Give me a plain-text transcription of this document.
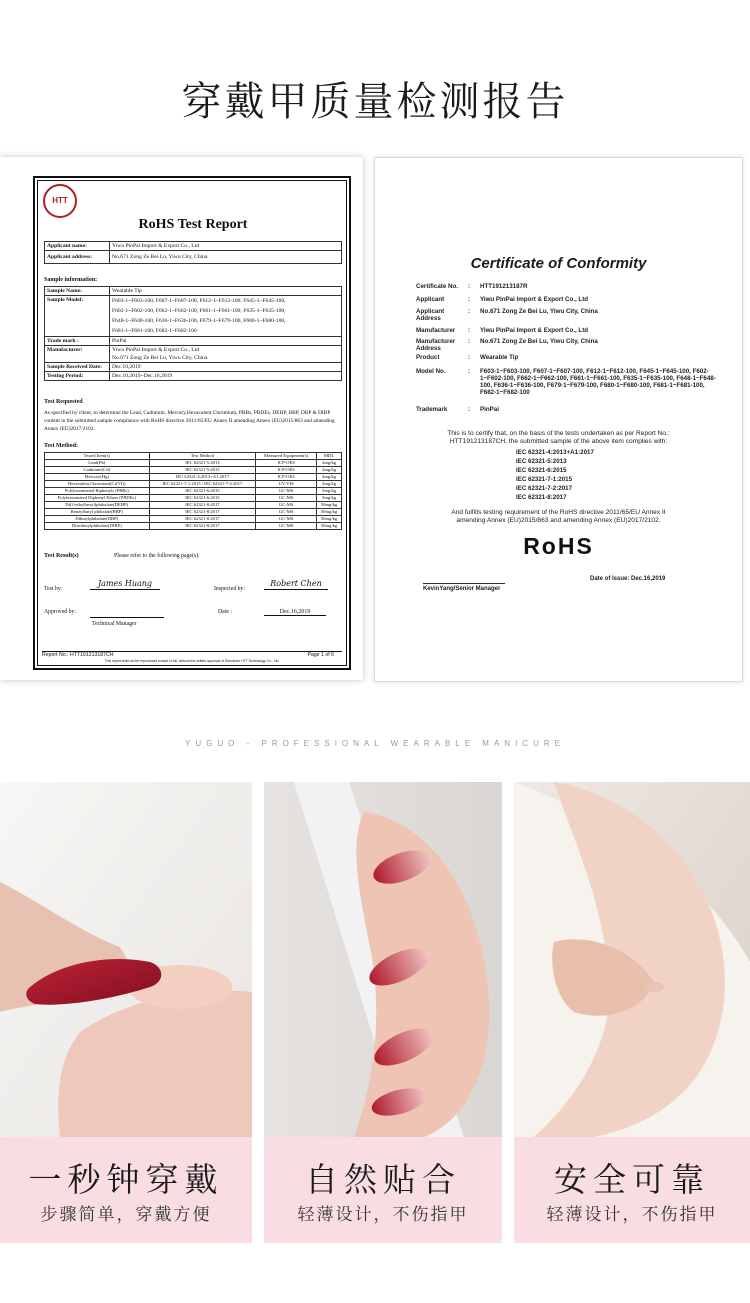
穿戴甲质量检测报告
HTT
RoHS Test Report
Applicant name:	Yiwu PinPai Import & Export Co., Ltd
Applicant address:	No.671 Zong Ze Bei Lu, Yiwu City, China
Sample information:
Sample Name:	Wearable Tip
Sample Model:	F603-1~F603-100, F607-1~F607-100, F612-1~F612-100, F645-1~F645-100,
F602-1~F602-100, F662-1~F662-100, F661-1~F661-100, F635-1~F635-100,
F648-1~F648-100, F636-1~F636-100, F679-1~F679-100, F680-1~F680-100,
F681-1~F681-100, F682-1~F682-100

Trade mark :	PinPai
Manufacturer:	Yiwu PinPai Import & Export Co., Ltd
No.671 Zong Ze Bei Lu, Yiwu City, China

Sample Received Date:	Dec.10,2019
Testing Period:	Dec.10,2019~Dec.16,2019
Test Requested
As specified by client, to determine the Lead, Cadmium, Mercury,Hexavalent Chromium, PBBs, PBDEs, DEHP, BBP, DBP & DIBP content in the submitted sample compliance with RoHS directive 2011/65/EU Annex II amending Annex (EU)2015/863 and amending Annex (EU)2017/2102.
Test Method:
Tested Item(s)	Test Method	Measured Equipment(s)	MDL
Lead(Pb)	IEC 62321-5:2013	ICP-OES	2mg/kg
Cadmium(Cd)	IEC 62321-5:2013	ICP-OES	2mg/kg
Mercury(Hg)	IEC 62321-4:2013+A1:2017	ICP-OES	2mg/kg
Hexavalent Chromium(Cr(VI))	IEC 62321-7-1:2015 / IEC 62321-7-2:2017	UV-VIS	2mg/kg
Polybrominated Biphenyls (PBBs)	IEC 62321-6:2015	GC-MS	5mg/kg
Polybrominated Diphenyl Ethers (PBDEs)	IEC 62321-6:2015	GC-MS	5mg/kg
Di(2-ethylhexyl)phthalate(DEHP)	IEC 62321-8:2017	GC-MS	50mg/kg
Benzylbutyl phthalate(BBP)	IEC 62321-8:2017	GC-MS	50mg/kg
Dibutylphthalate(DBP)	IEC 62321-8:2017	GC-MS	50mg/kg
Diisobutylphthalate(DIBP)	IEC 62321-8:2017	GC-MS	50mg/kg
Test Result(s)	Please refer to the following page(s).
Test by:
James Huang
Inspected by:
Robert Chen
Approved by:
Technical Manager
Date :	Dec.16,2019
Report No.: HTT191213187CH	Page 1 of 6
This report shall not be reproduced except in full, without the written approval of Shenzhen HTT Technology Co., Ltd.
Certificate of Conformity
Certificate No.	: HTT191213187R
Applicant	: Yiwu PinPai Import & Export Co., Ltd
Applicant Address
: No.671 Zong Ze Bei Lu, Yiwu City, China
Manufacturer	: Yiwu PinPai Import & Export Co., Ltd
Manufacturer Address
: No.671 Zong Ze Bei Lu, Yiwu City, China
Product	: Wearable Tip
Model No.	: F603-1~F603-100, F607-1~F607-100, F612-1~F612-100, F645-1~F645-100, F602-1~F602-100, F662-1~F662-100, F661-1~F661-100, F635-1~F635-100, F648-1~F648-100, F636-1~F636-100, F679-1~F679-100, F680-1~F680-100, F681-1~F681-100, F682-1~F682-100
Trademark	: PinPai
This is to certify that, on the basis of the tests undertaken as per Report No.:
HTT191213187CH, the submitted sample of the above item complies with:
IEC 62321-4:2013+A1:2017
IEC 62321-5:2013
IEC 62321-6:2015
IEC 62321-7-1:2015
IEC 62321-7-2:2017
IEC 62321-8:2017
And fulfills testing requirement of the RoHS directive 2011/65/EU Annex II
amending Annex (EU)2015/863 and amending Annex (EU)2017/2102.
RoHS
KevinYang/Senior Manager
Date of Issue: Dec.16,2019
YUGUO - PROFESSIONAL WEARABLE MANICURE
一秒钟穿戴
步骤简单，穿戴方便
自然贴合
轻薄设计，不伤指甲
安全可靠
轻薄设计，不伤指甲
